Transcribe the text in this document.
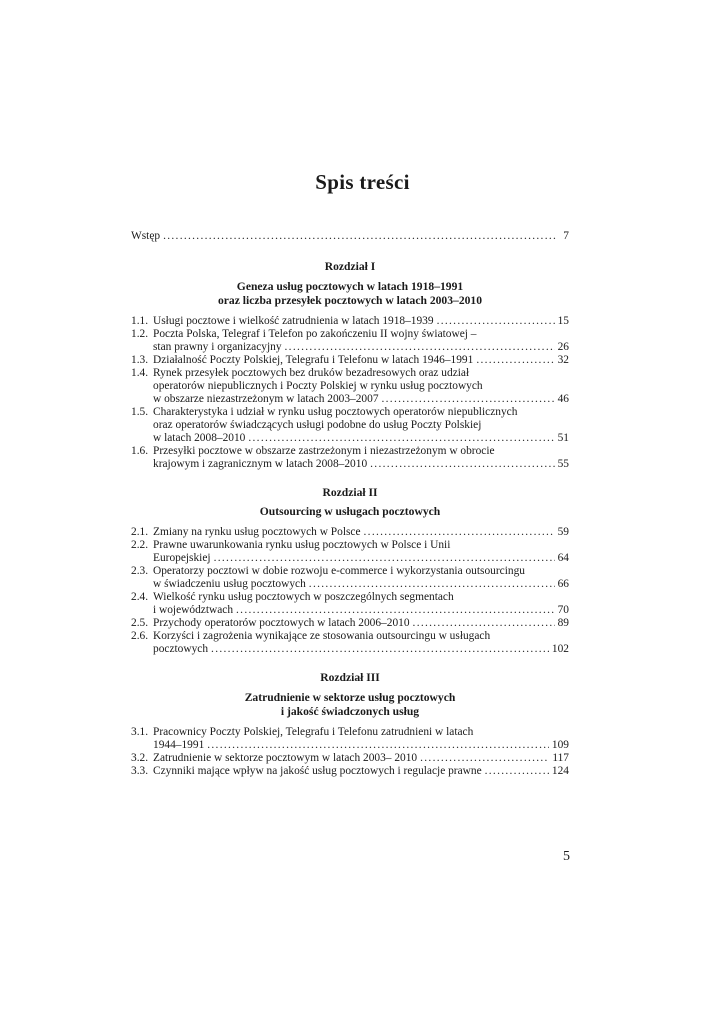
Spis treści
Wstęp .....	7
Rozdział I
Geneza usług pocztowych w latach 1918–1991
oraz liczba przesyłek pocztowych w latach 2003–2010
1.1. Usługi pocztowe i wielkość zatrudnienia w latach 1918–1939 .....	15
1.2. Poczta Polska, Telegraf i Telefon po zakończeniu II wojny światowej –
stan prawny i organizacyjny .....	26
1.3. Działalność Poczty Polskiej, Telegrafu i Telefonu w latach 1946–1991 .....	32
1.4. Rynek przesyłek pocztowych bez druków bezadresowych oraz udział
operatorów niepublicznych i Poczty Polskiej w rynku usług pocztowych
w obszarze niezastrzeżonym w latach 2003–2007 .....	46
1.5. Charakterystyka i udział w rynku usług pocztowych operatorów niepublicznych
oraz operatorów świadczących usługi podobne do usług Poczty Polskiej
w latach 2008–2010 .....	51
1.6. Przesyłki pocztowe w obszarze zastrzeżonym i niezastrzeżonym w obrocie
krajowym i zagranicznym w latach 2008–2010 .....	55
Rozdział II
Outsourcing w usługach pocztowych
2.1. Zmiany na rynku usług pocztowych w Polsce .....	59
2.2. Prawne uwarunkowania rynku usług pocztowych w Polsce i Unii
Europejskiej .....	64
2.3. Operatorzy pocztowi w dobie rozwoju e-commerce i wykorzystania outsourcingu
w świadczeniu usług pocztowych .....	66
2.4. Wielkość rynku usług pocztowych w poszczególnych segmentach
i województwach .....	70
2.5. Przychody operatorów pocztowych w latach 2006–2010 .....	89
2.6. Korzyści i zagrożenia wynikające ze stosowania outsourcingu w usługach
pocztowych .....	102
Rozdział III
Zatrudnienie w sektorze usług pocztowych
i jakość świadczonych usług
3.1. Pracownicy Poczty Polskiej, Telegrafu i Telefonu zatrudnieni w latach
1944–1991 .....	109
3.2. Zatrudnienie w sektorze pocztowym w latach 2003– 2010 .....	117
3.3. Czynniki mające wpływ na jakość usług pocztowych i regulacje prawne .....	124
5
